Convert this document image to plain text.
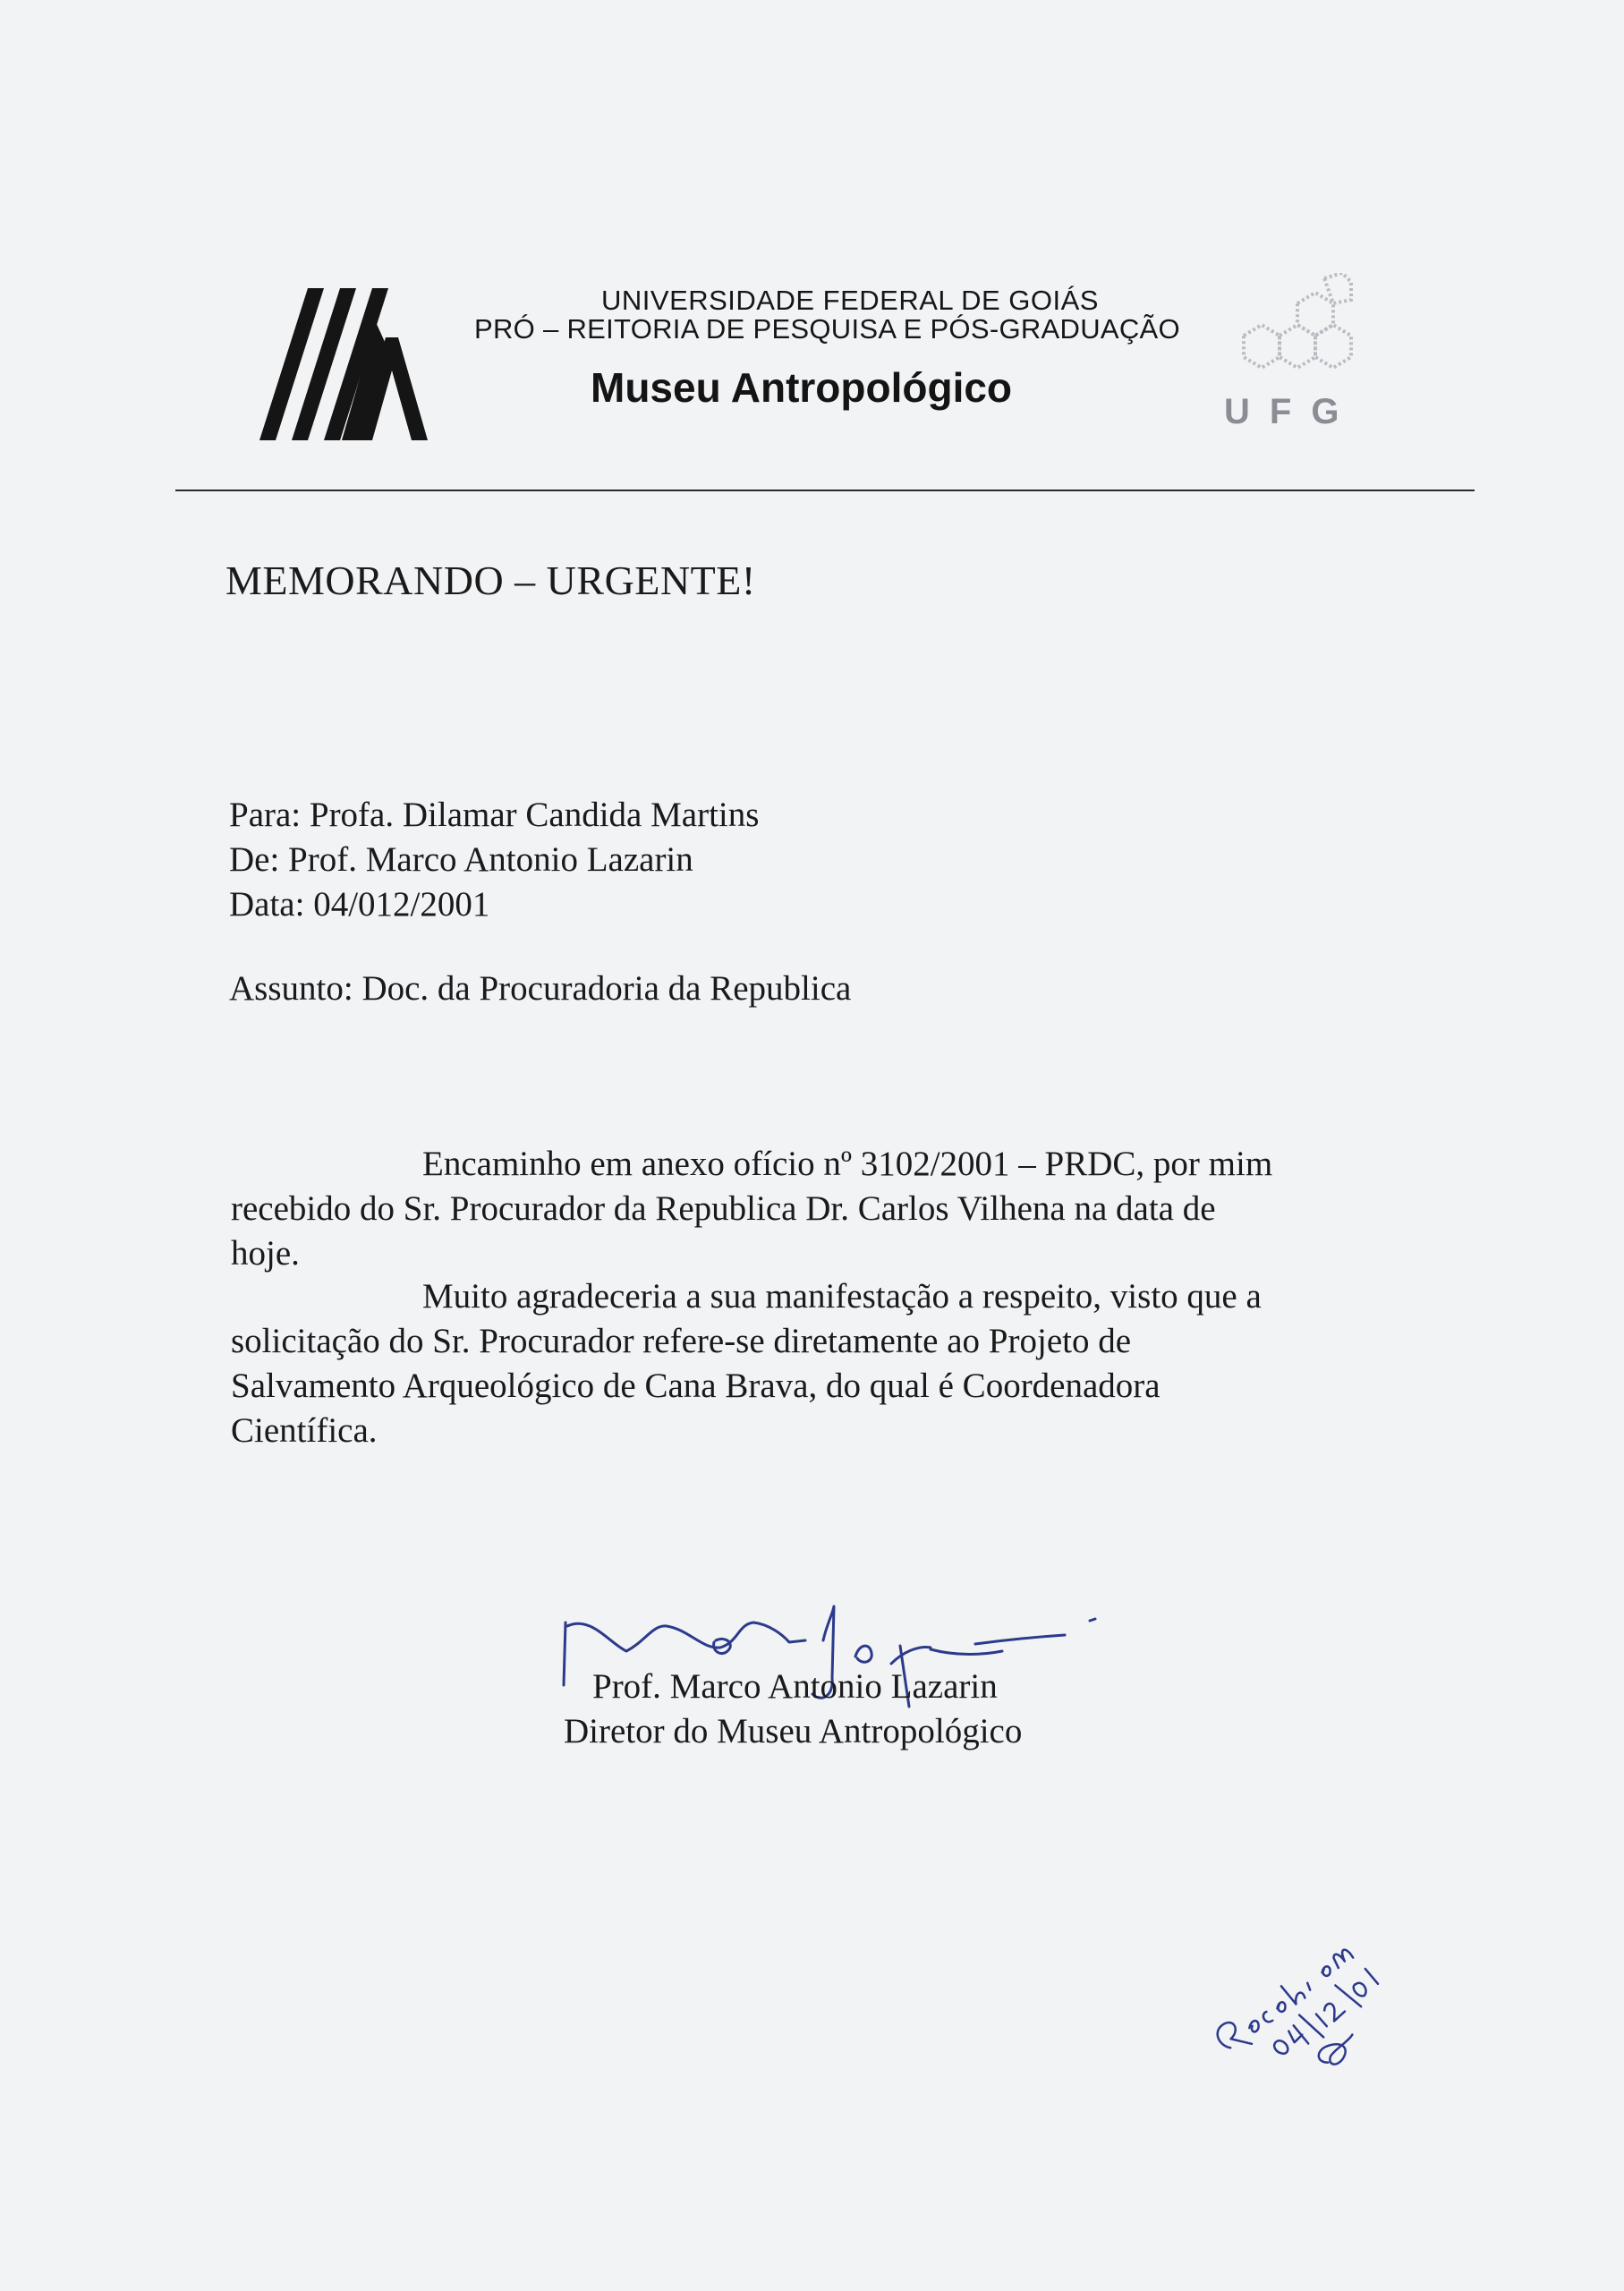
UNIVERSIDADE FEDERAL DE GOIÁS
PRÓ – REITORIA DE PESQUISA E PÓS-GRADUAÇÃO
Museu Antropológico
UFG
MEMORANDO – URGENTE!
Para: Profa. Dilamar Candida Martins
De: Prof. Marco Antonio Lazarin
Data: 04/012/2001
Assunto: Doc. da Procuradoria da Republica
Encaminho em anexo ofício nº 3102/2001 – PRDC, por mim
recebido do Sr. Procurador da Republica Dr. Carlos Vilhena na data de
hoje.
Muito agradeceria a sua manifestação a respeito, visto que a
solicitação do Sr. Procurador refere-se diretamente ao Projeto de
Salvamento Arqueológico de Cana Brava, do qual é Coordenadora
Científica.
Prof. Marco Antonio Lazarin
Diretor do Museu Antropológico
